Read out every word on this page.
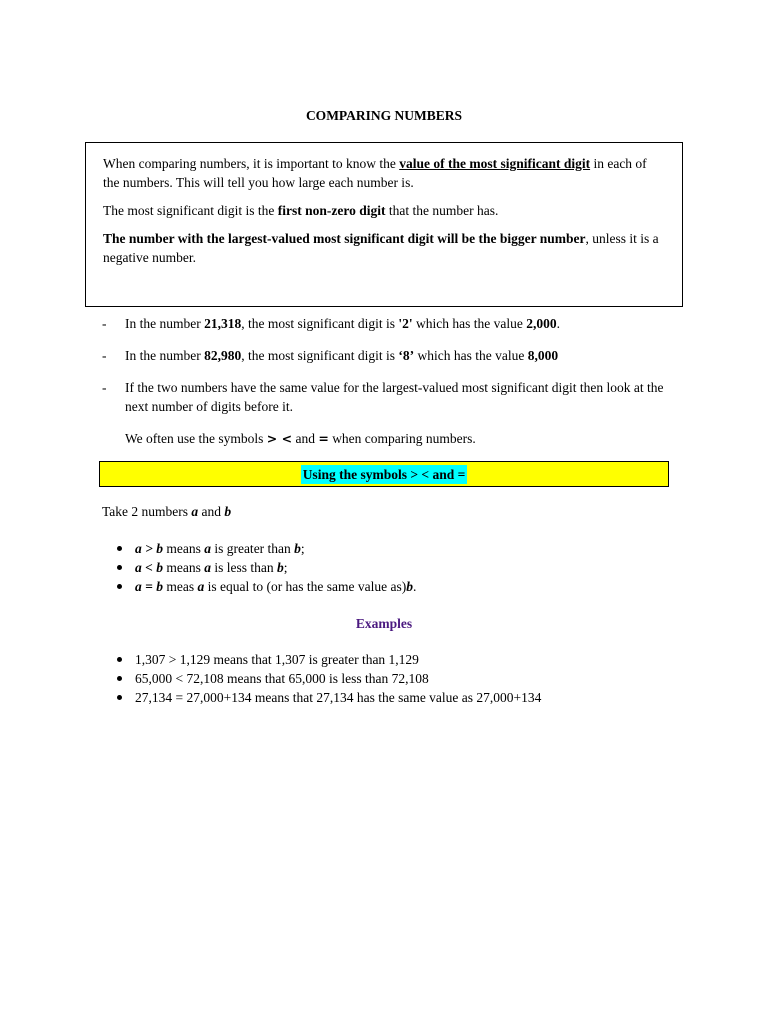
COMPARING NUMBERS

When comparing numbers, it is important to know the value of the most significant digit in each of the numbers. This will tell you how large each number is.

The most significant digit is the first non-zero digit that the number has.

The number with the largest-valued most significant digit will be the bigger number, unless it is a negative number.

- In the number 21,318, the most significant digit is '2' which has the value 2,000.
- In the number 82,980, the most significant digit is ‘8’ which has the value 8,000
- If the two numbers have the same value for the largest-valued most significant digit then look at the next number of digits before it.
We often use the symbols > < and = when comparing numbers.
Using the symbols > < and =
Take 2 numbers a and b
a > b means a is greater than b;
a < b means a is less than b;
a = b meas a is equal to (or has the same value as)b.
Examples
1,307 > 1,129 means that 1,307 is greater than 1,129
65,000 < 72,108 means that 65,000 is less than 72,108
27,134 = 27,000+134 means that 27,134 has the same value as 27,000+134
